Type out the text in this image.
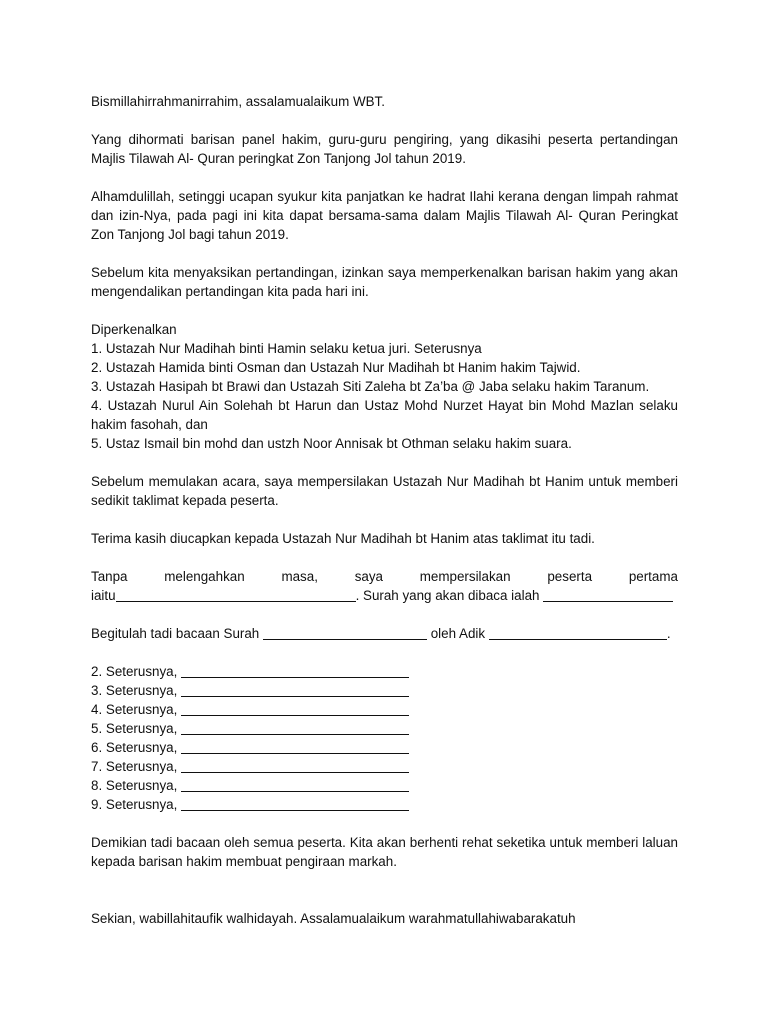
Bismillahirrahmanirrahim, assalamualaikum WBT.

Yang dihormati barisan panel hakim, guru-guru pengiring, yang dikasihi peserta pertandingan Majlis Tilawah Al- Quran peringkat Zon Tanjong Jol tahun 2019.

Alhamdulillah, setinggi ucapan syukur kita panjatkan ke hadrat Ilahi kerana dengan limpah rahmat dan izin-Nya, pada pagi ini kita dapat bersama-sama dalam Majlis Tilawah Al- Quran Peringkat Zon Tanjong Jol bagi tahun 2019.

Sebelum kita menyaksikan pertandingan, izinkan saya memperkenalkan barisan hakim yang akan mengendalikan pertandingan kita pada hari ini.

Diperkenalkan

1. Ustazah Nur Madihah binti Hamin selaku ketua juri. Seterusnya

2. Ustazah Hamida binti Osman dan Ustazah Nur Madihah bt Hanim hakim Tajwid.

3. Ustazah Hasipah bt Brawi dan Ustazah Siti Zaleha bt Za’ba @ Jaba selaku hakim Taranum.

4. Ustazah Nurul Ain Solehah bt Harun dan Ustaz Mohd Nurzet Hayat bin Mohd Mazlan selaku hakim fasohah, dan

5. Ustaz Ismail bin mohd dan ustzh Noor Annisak bt Othman selaku hakim suara.

Sebelum memulakan acara, saya mempersilakan Ustazah Nur Madihah bt Hanim untuk memberi sedikit taklimat kepada peserta.

Terima kasih diucapkan kepada Ustazah Nur Madihah bt Hanim atas taklimat itu tadi.

Tanpa	melengahkan	masa,	saya	mempersilakan	peserta	pertama
iaitu	. Surah yang akan dibaca ialah
Begitulah tadi bacaan Surah	oleh Adik	.
2. Seterusnya,
3. Seterusnya,
4. Seterusnya,
5. Seterusnya,
6. Seterusnya,
7. Seterusnya,
8. Seterusnya,
9. Seterusnya,

Demikian tadi bacaan oleh semua peserta. Kita akan berhenti rehat seketika untuk memberi laluan kepada barisan hakim membuat pengiraan markah.

Sekian, wabillahitaufik walhidayah. Assalamualaikum warahmatullahiwabarakatuh
